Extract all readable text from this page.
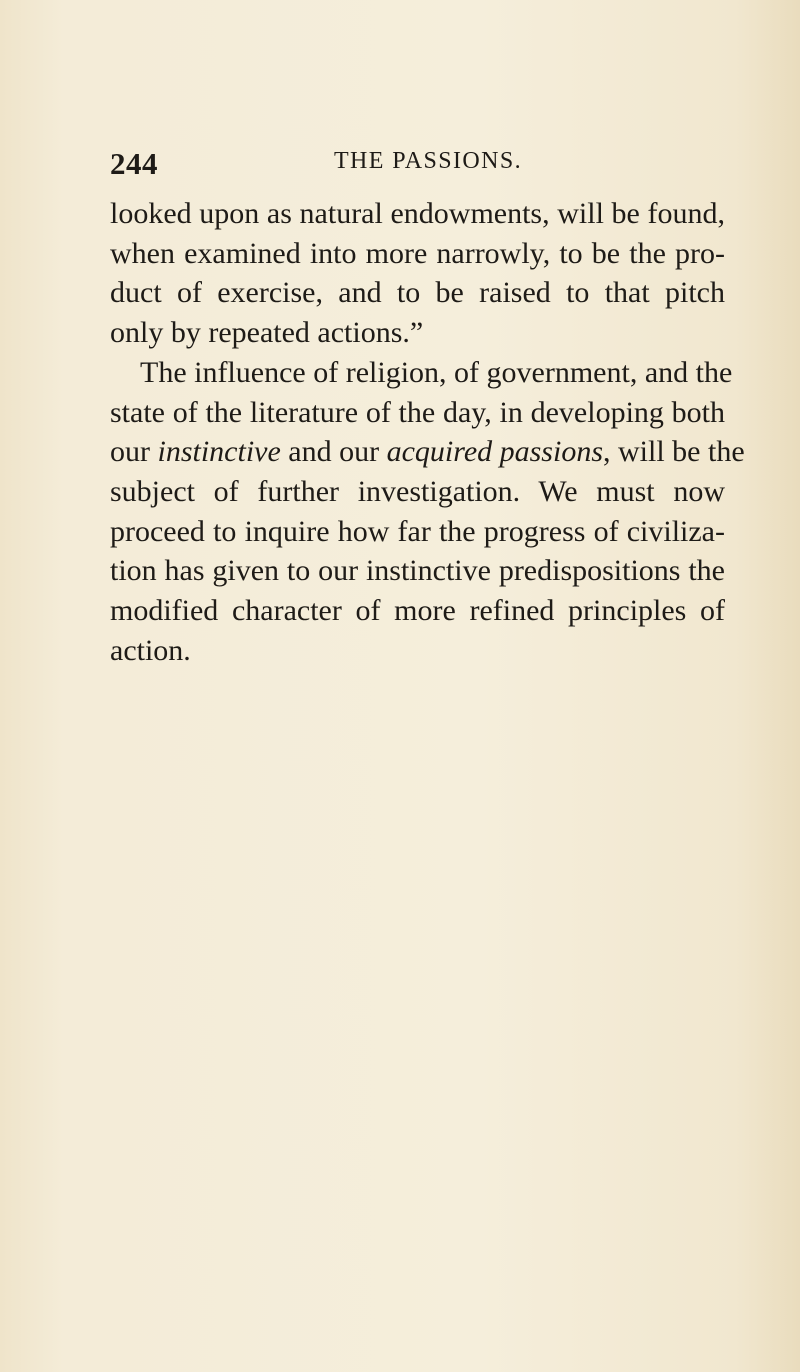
244	THE PASSIONS.
looked upon as natural endowments, will be found,
when examined into more narrowly, to be the pro-
duct of exercise, and to be raised to that pitch
only by repeated actions.”
The influence of religion, of government, and the
state of the literature of the day, in developing both
our instinctive and our acquired passions, will be the
subject of further investigation. We must now
proceed to inquire how far the progress of civiliza-
tion has given to our instinctive predispositions the
modified character of more refined principles of
action.
